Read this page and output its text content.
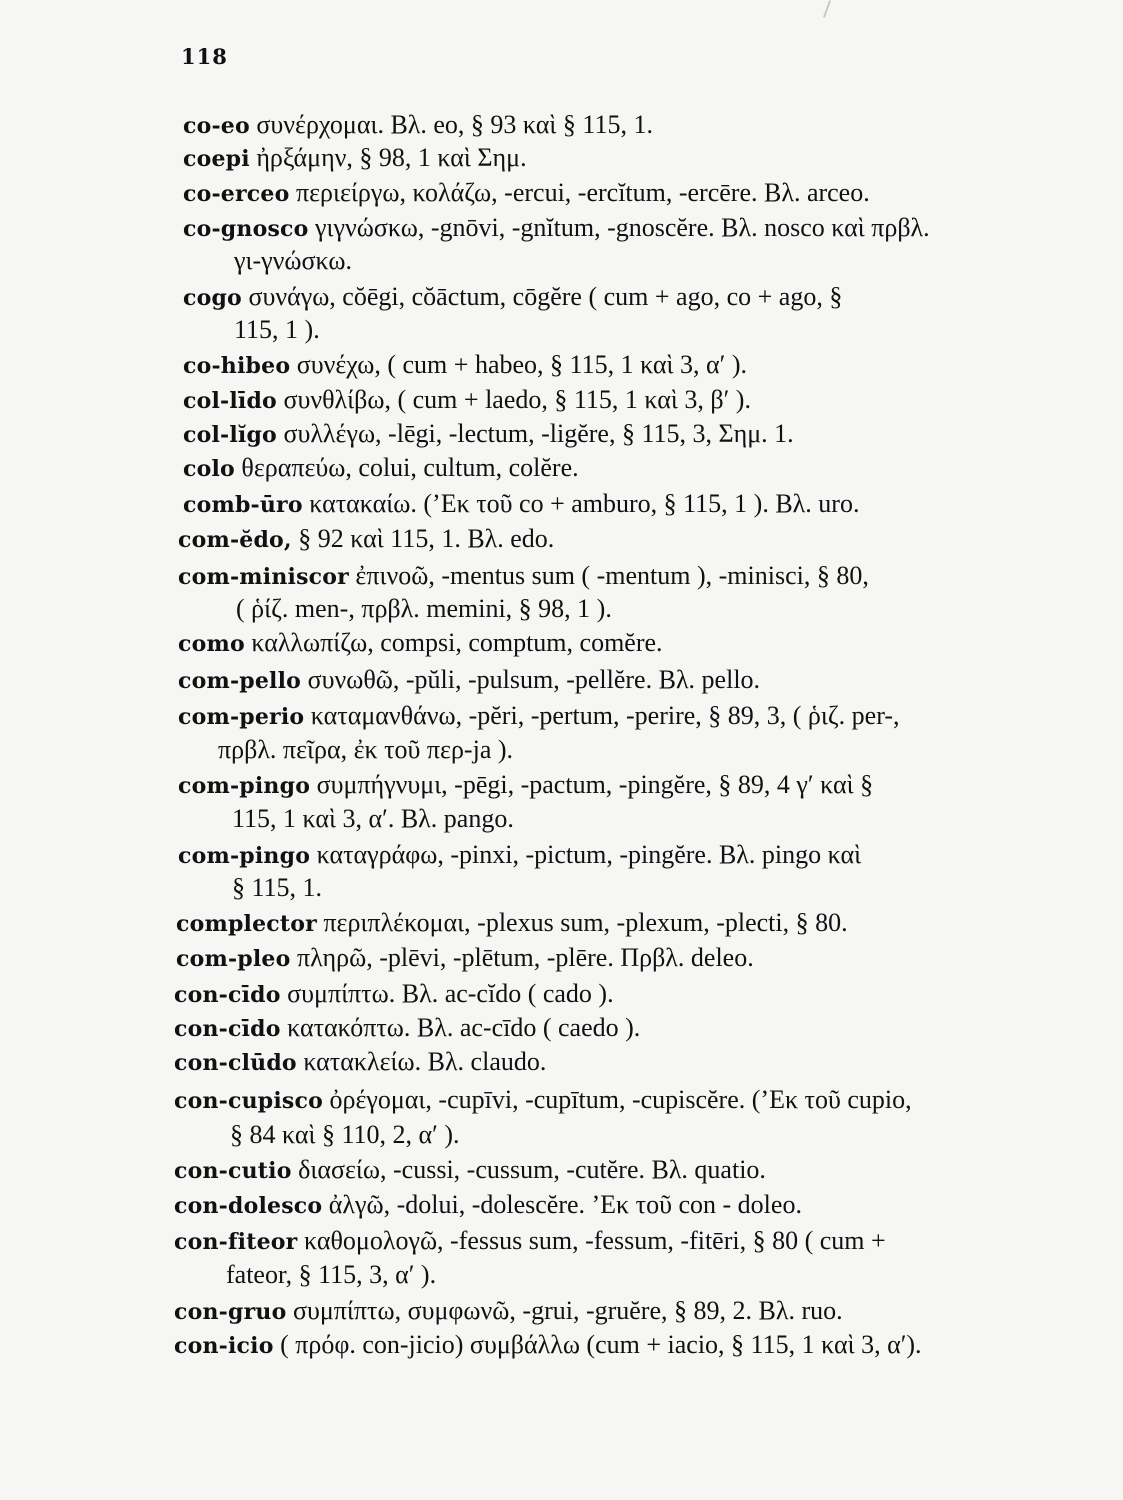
118
co-eo συνέρχομαι. Βλ. eo, § 93 καὶ § 115, 1.
coepi ἠρξάμην, § 98, 1 καὶ Σημ.
co-erceo περιείργω, κολάζω, -ercui, -ercĭtum, -ercēre. Βλ. arceo.
co-gnosco γιγνώσκω, -gnōvi, -gnĭtum, -gnoscĕre. Βλ. nosco καὶ πρβλ.
γι-γνώσκω.
cogo συνάγω, cŏēgi, cŏāctum, cōgĕre ( cum + ago, co + ago, §
115, 1 ).
co-hibeo συνέχω, ( cum + habeo, § 115, 1 καὶ 3, α′ ).
col-līdo συνθλίβω, ( cum + laedo, § 115, 1 καὶ 3, β′ ).
col-lĭgo συλλέγω, -lēgi, -lectum, -ligĕre, § 115, 3, Σημ. 1.
colo θεραπεύω, colui, cultum, colĕre.
comb-ūro κατακαίω. (’Εκ τοῦ co + amburo, § 115, 1 ). Βλ. uro.
com-ĕdo, § 92 καὶ 115, 1. Βλ. edo.
com-miniscor ἐπινοῶ, -mentus sum ( -mentum ), -minisci, § 80,
( ῥίζ. men-, πρβλ. memini, § 98, 1 ).
como καλλωπίζω, compsi, comptum, comĕre.
com-pello συνωθῶ, -pŭli, -pulsum, -pellĕre. Βλ. pello.
com-perio καταμανθάνω, -pĕri, -pertum, -perire, § 89, 3, ( ῥιζ. per-,
πρβλ. πεῖρα, ἐκ τοῦ περ-ja ).
com-pingo συμπήγνυμι, -pēgi, -pactum, -pingĕre, § 89, 4 γ′ καὶ §
115, 1 καὶ 3, α′. Βλ. pango.
com-pingo καταγράφω, -pinxi, -pictum, -pingĕre. Βλ. pingo καὶ
§ 115, 1.
complector περιπλέκομαι, -plexus sum, -plexum, -plecti, § 80.
com-pleo πληρῶ, -plēvi, -plētum, -plēre. Πρβλ. deleo.
con-cīdo συμπίπτω. Βλ. ac-cĭdo ( cado ).
con-cīdo κατακόπτω. Βλ. ac-cīdo ( caedo ).
con-clūdo κατακλείω. Βλ. claudo.
con-cupisco ὀρέγομαι, -cupīvi, -cupītum, -cupiscĕre. (’Εκ τοῦ cupio,
§ 84 καὶ § 110, 2, α′ ).
con-cutio διασείω, -cussi, -cussum, -cutĕre. Βλ. quatio.
con-dolesco ἀλγῶ, -dolui, -dolescĕre. ’Εκ τοῦ con - doleo.
con-fiteor καθομολογῶ, -fessus sum, -fessum, -fitēri, § 80 ( cum +
fateor, § 115, 3, α′ ).
con-gruo συμπίπτω, συμφωνῶ, -grui, -gruĕre, § 89, 2. Βλ. ruo.
con-icio ( πρόφ. con-jicio) συμβάλλω (cum + iacio, § 115, 1 καὶ 3, α′).
